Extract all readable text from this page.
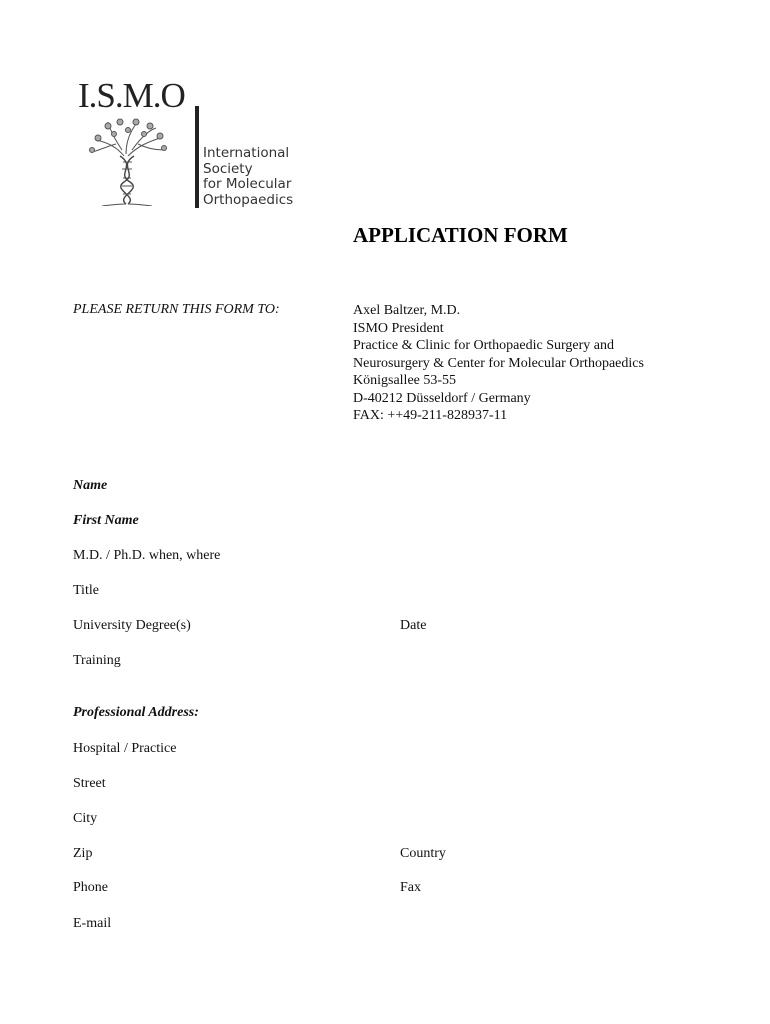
I.S.M.O
International
Society
for Molecular
Orthopaedics
APPLICATION FORM
PLEASE RETURN THIS FORM TO:	Axel Baltzer, M.D.
ISMO President
Practice & Clinic for Orthopaedic Surgery and
Neurosurgery & Center for Molecular Orthopaedics
Königsallee 53-55
D-40212 Düsseldorf / Germany
FAX: ++49-211-828937-11
Name
First Name
M.D. / Ph.D. when, where
Title
University Degree(s)	Date
Training
Professional Address:
Hospital / Practice
Street
City
Zip	Country
Phone	Fax
E-mail
